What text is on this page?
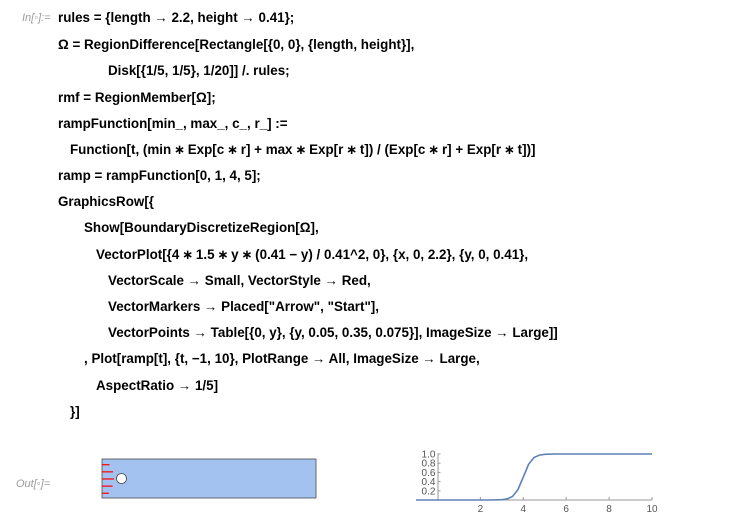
In[◦]:= rules = {length → 2.2, height → 0.41};
Ω = RegionDifference[Rectangle[{0, 0}, {length, height}],
Disk[{1/5, 1/5}, 1/20]] /. rules;
rmf = RegionMember[Ω];
rampFunction[min_, max_, c_, r_] :=
Function[t, (min ∗ Exp[c ∗ r] + max ∗ Exp[r ∗ t]) / (Exp[c ∗ r] + Exp[r ∗ t])]
ramp = rampFunction[0, 1, 4, 5];
GraphicsRow[{
Show[BoundaryDiscretizeRegion[Ω],
VectorPlot[{4 ∗ 1.5 ∗ y ∗ (0.41 − y) / 0.41^2, 0}, {x, 0, 2.2}, {y, 0, 0.41},
VectorScale → Small, VectorStyle → Red,
VectorMarkers → Placed["Arrow", "Start"],
VectorPoints → Table[{0, y}, {y, 0.05, 0.35, 0.075}], ImageSize → Large]]
, Plot[ramp[t], {t, −1, 10}, PlotRange → All, ImageSize → Large,
AspectRatio → 1/5]
}]
Out[◦]=
2	4	6	8	10
0.2
0.4
0.6
0.8
1.0
